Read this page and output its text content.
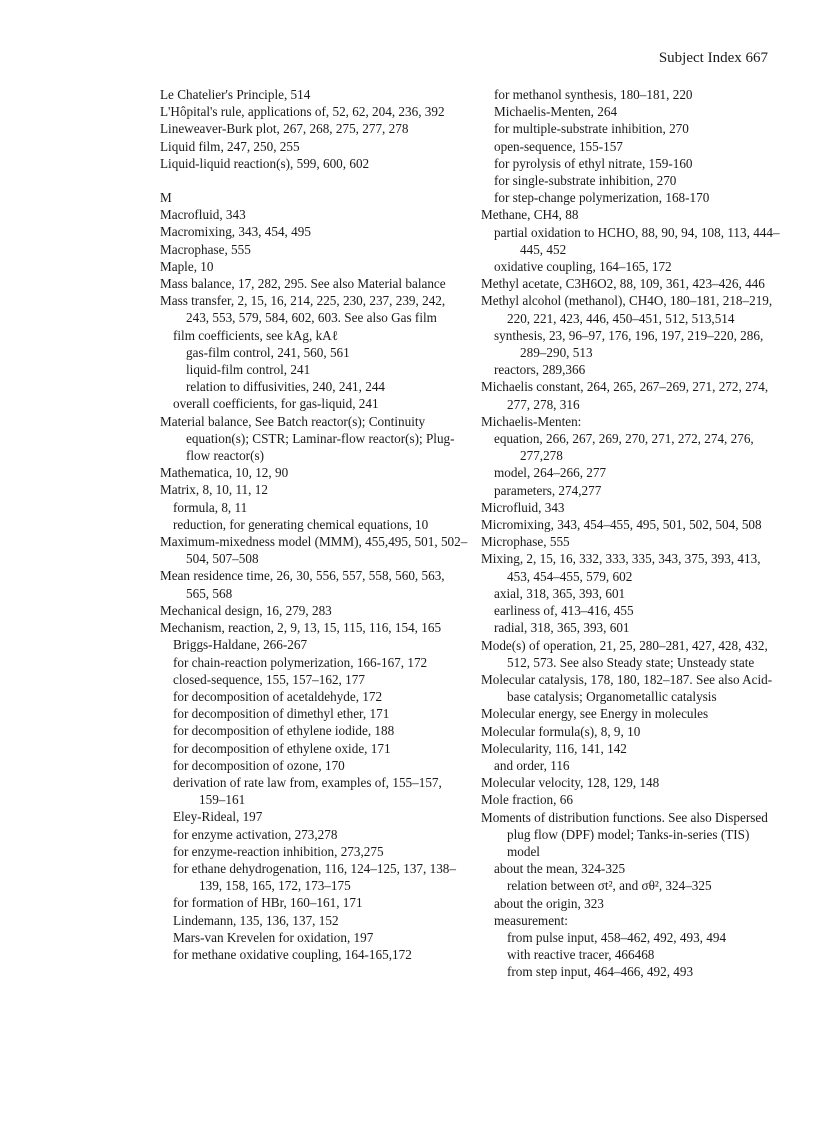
Subject Index 667
Le Chatelier's Principle, 514
L'Hôpital's rule, applications of, 52, 62, 204, 236, 392
Lineweaver-Burk plot, 267, 268, 275, 277, 278
Liquid film, 247, 250, 255
Liquid-liquid reaction(s), 599, 600, 602
M
Macrofluid, 343
Macromixing, 343, 454, 495
Macrophase, 555
Maple, 10
Mass balance, 17, 282, 295. See also Material balance
Mass transfer, 2, 15, 16, 214, 225, 230, 237, 239, 242, 243, 553, 579, 584, 602, 603. See also Gas film
film coefficients, see kAg, kAℓ
gas-film control, 241, 560, 561
liquid-film control, 241
relation to diffusivities, 240, 241, 244
overall coefficients, for gas-liquid, 241
Material balance, See Batch reactor(s); Continuity equation(s); CSTR; Laminar-flow reactor(s); Plug-flow reactor(s)
Mathematica, 10, 12, 90
Matrix, 8, 10, 11, 12
formula, 8, 11
reduction, for generating chemical equations, 10
Maximum-mixedness model (MMM), 455,495, 501, 502–504, 507–508
Mean residence time, 26, 30, 556, 557, 558, 560, 563, 565, 568
Mechanical design, 16, 279, 283
Mechanism, reaction, 2, 9, 13, 15, 115, 116, 154, 165
Briggs-Haldane, 266-267
for chain-reaction polymerization, 166-167, 172
closed-sequence, 155, 157–162, 177
for decomposition of acetaldehyde, 172
for decomposition of dimethyl ether, 171
for decomposition of ethylene iodide, 188
for decomposition of ethylene oxide, 171
for decomposition of ozone, 170
derivation of rate law from, examples of, 155–157, 159–161
Eley-Rideal, 197
for enzyme activation, 273,278
for enzyme-reaction inhibition, 273,275
for ethane dehydrogenation, 116, 124–125, 137, 138–139, 158, 165, 172, 173–175
for formation of HBr, 160–161, 171
Lindemann, 135, 136, 137, 152
Mars-van Krevelen for oxidation, 197
for methane oxidative coupling, 164-165,172
for methanol synthesis, 180–181, 220
Michaelis-Menten, 264
for multiple-substrate inhibition, 270
open-sequence, 155-157
for pyrolysis of ethyl nitrate, 159-160
for single-substrate inhibition, 270
for step-change polymerization, 168-170
Methane, CH4, 88
partial oxidation to HCHO, 88, 90, 94, 108, 113, 444–445, 452
oxidative coupling, 164–165, 172
Methyl acetate, C3H6O2, 88, 109, 361, 423–426, 446
Methyl alcohol (methanol), CH4O, 180–181, 218–219, 220, 221, 423, 446, 450–451, 512, 513,514
synthesis, 23, 96–97, 176, 196, 197, 219–220, 286, 289–290, 513
reactors, 289,366
Michaelis constant, 264, 265, 267–269, 271, 272, 274, 277, 278, 316
Michaelis-Menten:
equation, 266, 267, 269, 270, 271, 272, 274, 276, 277,278
model, 264–266, 277
parameters, 274,277
Microfluid, 343
Micromixing, 343, 454–455, 495, 501, 502, 504, 508
Microphase, 555
Mixing, 2, 15, 16, 332, 333, 335, 343, 375, 393, 413, 453, 454–455, 579, 602
axial, 318, 365, 393, 601
earliness of, 413–416, 455
radial, 318, 365, 393, 601
Mode(s) of operation, 21, 25, 280–281, 427, 428, 432, 512, 573. See also Steady state; Unsteady state
Molecular catalysis, 178, 180, 182–187. See also Acid-base catalysis; Organometallic catalysis
Molecular energy, see Energy in molecules
Molecular formula(s), 8, 9, 10
Molecularity, 116, 141, 142
and order, 116
Molecular velocity, 128, 129, 148
Mole fraction, 66
Moments of distribution functions. See also Dispersed plug flow (DPF) model; Tanks-in-series (TIS) model
about the mean, 324-325
relation between σt², and σθ², 324–325
about the origin, 323
measurement:
from pulse input, 458–462, 492, 493, 494
with reactive tracer, 466468
from step input, 464–466, 492, 493
